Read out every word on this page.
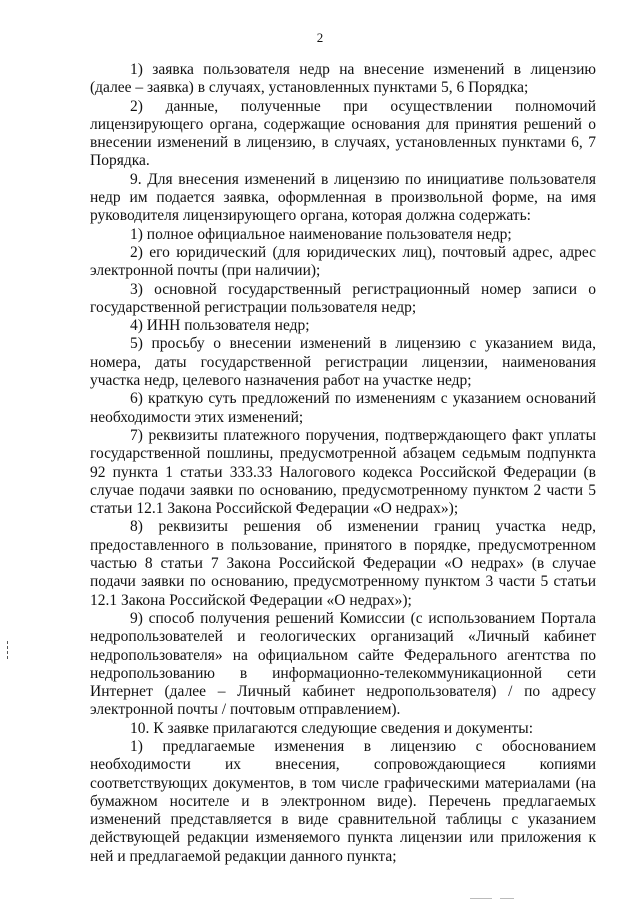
2

1) заявка пользователя недр на внесение изменений в лицензию (далее – заявка) в случаях, установленных пунктами 5, 6 Порядка;

2) данные, полученные при осуществлении полномочий лицензирующего органа, содержащие основания для принятия решений о внесении изменений в лицензию, в случаях, установленных пунктами 6, 7 Порядка.

9. Для внесения изменений в лицензию по инициативе пользователя недр им подается заявка, оформленная в произвольной форме, на имя руководителя лицензирующего органа, которая должна содержать:

1) полное официальное наименование пользователя недр;

2) его юридический (для юридических лиц), почтовый адрес, адрес электронной почты (при наличии);

3) основной государственный регистрационный номер записи о государственной регистрации пользователя недр;

4) ИНН пользователя недр;

5) просьбу о внесении изменений в лицензию с указанием вида, номера, даты государственной регистрации лицензии, наименования участка недр, целевого назначения работ на участке недр;

6) краткую суть предложений по изменениям с указанием оснований необходимости этих изменений;

7) реквизиты платежного поручения, подтверждающего факт уплаты государственной пошлины, предусмотренной абзацем седьмым подпункта 92 пункта 1 статьи 333.33 Налогового кодекса Российской Федерации (в случае подачи заявки по основанию, предусмотренному пунктом 2 части 5 статьи 12.1 Закона Российской Федерации «О недрах»);

8) реквизиты решения об изменении границ участка недр, предоставленного в пользование, принятого в порядке, предусмотренном частью 8 статьи 7 Закона Российской Федерации «О недрах» (в случае подачи заявки по основанию, предусмотренному пунктом 3 части 5 статьи 12.1 Закона Российской Федерации «О недрах»);

9) способ получения решений Комиссии (с использованием Портала недропользователей и геологических организаций «Личный кабинет недропользователя» на официальном сайте Федерального агентства по недропользованию в информационно-телекоммуникационной сети Интернет (далее – Личный кабинет недропользователя) / по адресу электронной почты / почтовым отправлением).

10. К заявке прилагаются следующие сведения и документы:

1) предлагаемые изменения в лицензию с обоснованием необходимости их внесения, сопровождающиеся копиями соответствующих документов, в том числе графическими материалами (на бумажном носителе и в электронном виде). Перечень предлагаемых изменений представляется в виде сравнительной таблицы с указанием действующей редакции изменяемого пункта лицензии или приложения к ней и предлагаемой редакции данного пункта;
